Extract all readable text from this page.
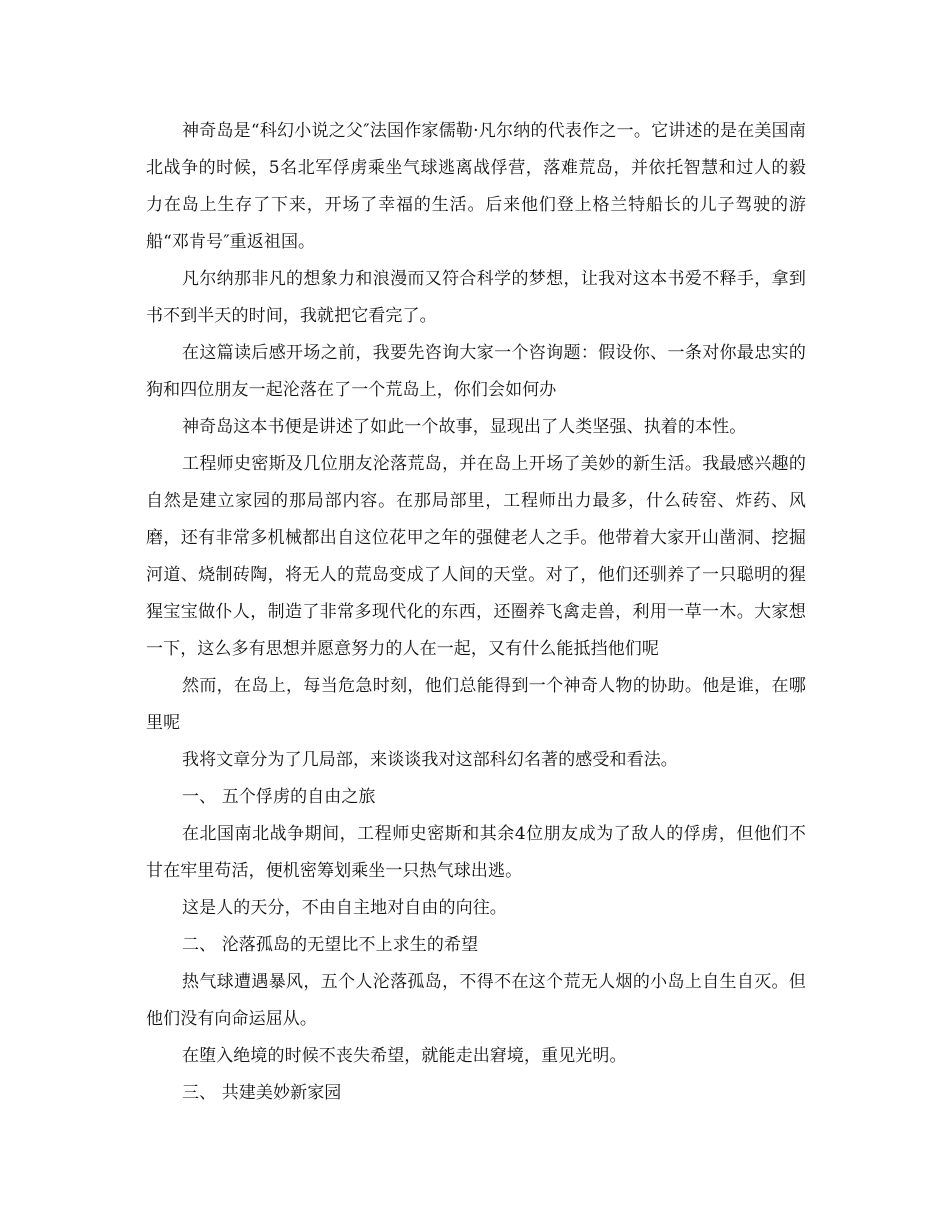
神奇岛是“科幻小说之父″法国作家儒勒·凡尔纳的代表作之一。它讲述的是在美国南北战争的时候，5名北军俘虏乘坐气球逃离战俘营，落难荒岛，并依托智慧和过人的毅力在岛上生存了下来，开场了幸福的生活。后来他们登上格兰特船长的儿子驾驶的游船“邓肯号″重返祖国。

凡尔纳那非凡的想象力和浪漫而又符合科学的梦想，让我对这本书爱不释手，拿到书不到半天的时间，我就把它看完了。

在这篇读后感开场之前，我要先咨询大家一个咨询题：假设你、一条对你最忠实的狗和四位朋友一起沦落在了一个荒岛上，你们会如何办

神奇岛这本书便是讲述了如此一个故事，显现出了人类坚强、执着的本性。

工程师史密斯及几位朋友沦落荒岛，并在岛上开场了美妙的新生活。我最感兴趣的自然是建立家园的那局部内容。在那局部里，工程师出力最多，什么砖窑、炸药、风磨，还有非常多机械都出自这位花甲之年的强健老人之手。他带着大家开山凿洞、挖掘河道、烧制砖陶，将无人的荒岛变成了人间的天堂。对了，他们还驯养了一只聪明的猩猩宝宝做仆人，制造了非常多现代化的东西，还圈养飞禽走兽，利用一草一木。大家想一下，这么多有思想并愿意努力的人在一起，又有什么能抵挡他们呢

然而，在岛上，每当危急时刻，他们总能得到一个神奇人物的协助。他是谁，在哪里呢

我将文章分为了几局部，来谈谈我对这部科幻名著的感受和看法。

一、 五个俘虏的自由之旅

在北国南北战争期间，工程师史密斯和其余4位朋友成为了敌人的俘虏，但他们不甘在牢里苟活，便机密筹划乘坐一只热气球出逃。

这是人的天分，不由自主地对自由的向往。

二、 沦落孤岛的无望比不上求生的希望

热气球遭遇暴风，五个人沦落孤岛，不得不在这个荒无人烟的小岛上自生自灭。但他们没有向命运屈从。

在堕入绝境的时候不丧失希望，就能走出窘境，重见光明。

三、 共建美妙新家园
